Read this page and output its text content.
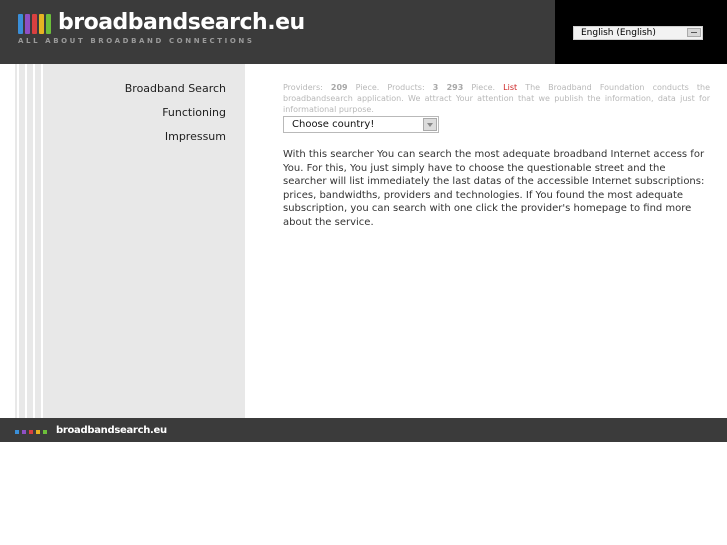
broadbandsearch.eu
ALL ABOUT BROADBAND CONNECTIONS
English (English)
Broadband Search
Functioning
Impressum
Providers: 209 Piece. Products: 3 293 Piece. List The Broadband Foundation conducts the broadbandsearch application. We attract Your attention that we publish the information, data just for informational purpose.
Choose country!
With this searcher You can search the most adequate broadband Internet access for You. For this, You just simply have to choose the questionable street and the searcher will list immediately the last datas of the accessible Internet subscriptions: prices, bandwidths, providers and technologies. If You found the most adequate subscription, you can search with one click the provider's homepage to find more about the service.
broadbandsearch.eu
